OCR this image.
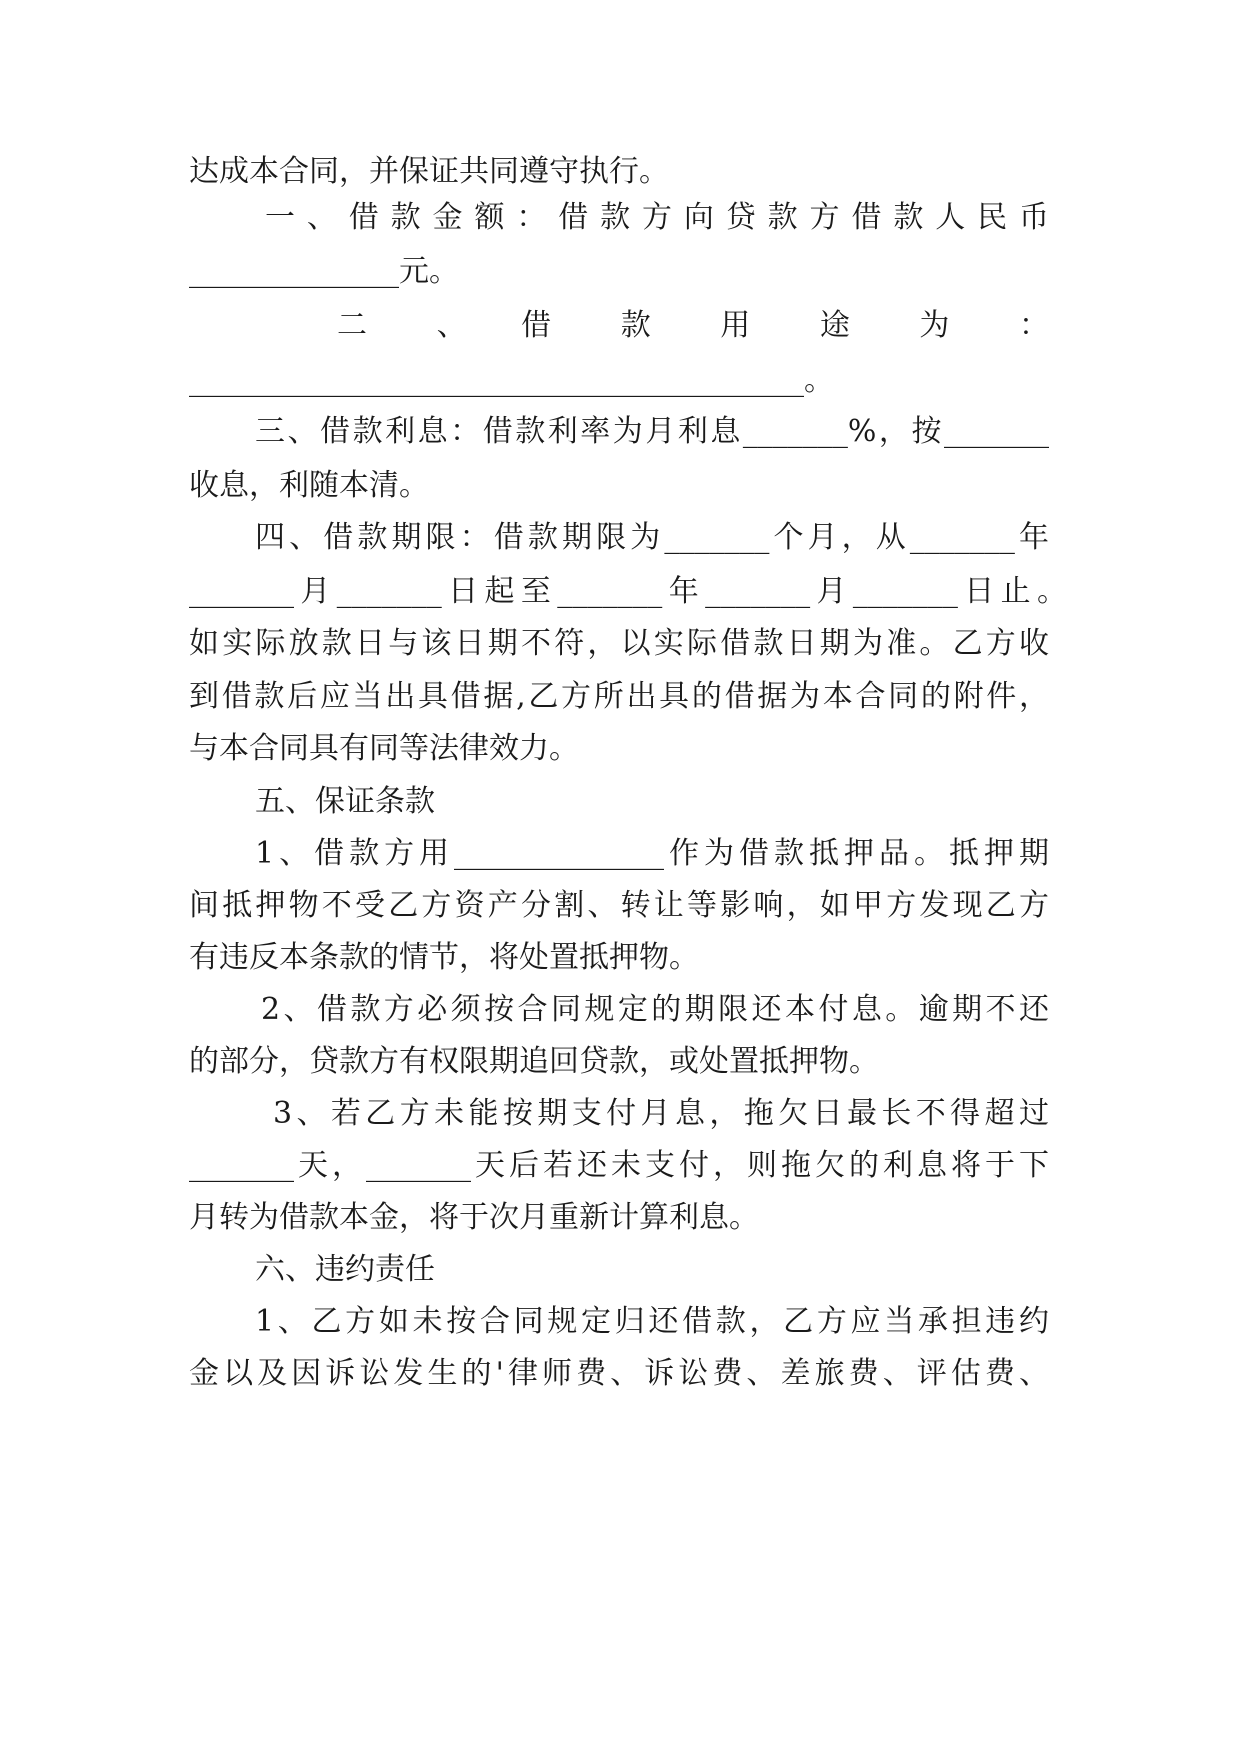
达成本合同，并保证共同遵守执行。
一、借款金额：借款方向贷款方借款人民币
______________元。
二　、　借　款　用　途　为　：
_________________________________________。
三、借款利息：借款利率为月利息_______%，按_______
收息，利随本清。
四、借款期限：借款期限为_______个月，从_______年
_______月_______日起至_______年_______月_______日止。
如实际放款日与该日期不符，以实际借款日期为准。乙方收
到借款后应当出具借据,乙方所出具的借据为本合同的附件，
与本合同具有同等法律效力。
五、保证条款
1、借款方用______________作为借款抵押品。抵押期
间抵押物不受乙方资产分割、转让等影响，如甲方发现乙方
有违反本条款的情节，将处置抵押物。
2、借款方必须按合同规定的期限还本付息。逾期不还
的部分，贷款方有权限期追回贷款，或处置抵押物。
3、若乙方未能按期支付月息，拖欠日最长不得超过
_______天，_______天后若还未支付，则拖欠的利息将于下
月转为借款本金，将于次月重新计算利息。
六、违约责任
1、乙方如未按合同规定归还借款，乙方应当承担违约
金以及因诉讼发生的'律师费、诉讼费、差旅费、评估费、
